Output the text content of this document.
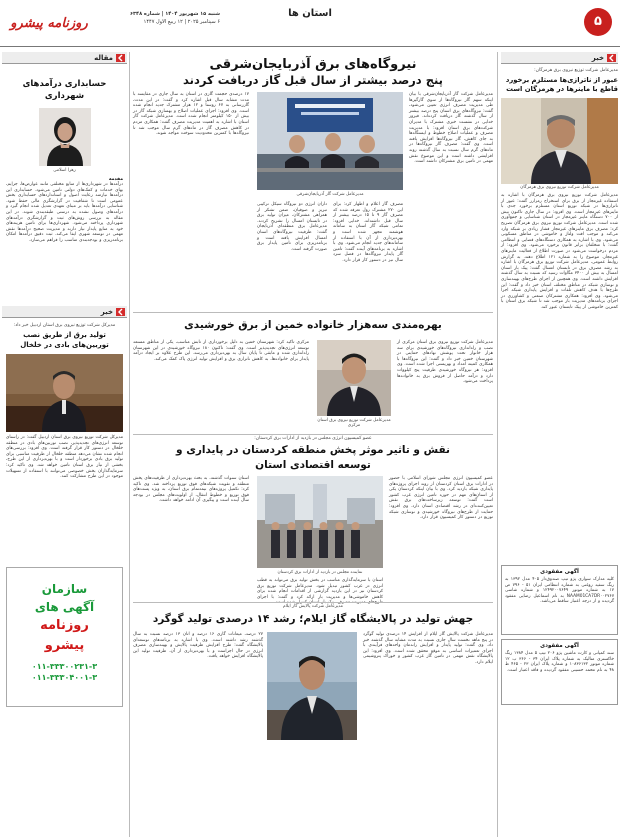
روزنامه پیشرو
شنبه ۱۵ شهریور ۱۴۰۴ | شماره ۶۳۴۸
۶ سپتامبر ۲۰۲۵ | ۱۲ ربیع الاول ۱۴۴۷
استان ها
۵
مقاله
حسابداری درآمدهای شهرداری
زهرا اسلامی
مقدمه
درآمدها در شهرداری‌ها از منابع مختلفی مانند عوارض‌ها، جرایم، بهای خدمات و کمک‌های دولتی تامین می‌شود. حسابداری این درآمدها نیازمند رعایت اصول و استانداردهای حسابداری بخش عمومی است تا شفافیت در گزارشگری مالی حفظ شود. شناسایی درآمدها باید بر مبنای تعهدی تعدیل شده انجام گیرد و درآمدهای وصول نشده به درستی طبقه‌بندی شوند. در این مقاله به بررسی روش‌های ثبت و گزارشگری درآمدهای شهرداری پرداخته می‌شود. شهرداری‌ها برای تامین هزینه‌های خود به منابع پایدار نیاز دارند و مدیریت صحیح درآمدها نقش مهمی در توسعه شهری ایفا می‌کند. ثبت دقیق درآمدها امکان برنامه‌ریزی و بودجه‌بندی مناسب را فراهم می‌سازد.
خبر
مدیرکل شرکت توزیع نیروی برق استان اردبیل خبر داد:
تولید برق از طریق نصب توربین‌های بادی در خلخال
مدیرکل شرکت توزیع نیروی برق استان اردبیل گفت: در راستای توسعه انرژی‌های تجدیدپذیر، نصب توربین‌های بادی در منطقه خلخال در دستور کار قرار گرفته است. وی افزود: بررسی‌های انجام شده نشان می‌دهد منطقه خلخال از ظرفیت مناسبی برای تولید برق بادی برخوردار است و با بهره‌برداری از این طرح، بخشی از نیاز برق استان تامین خواهد شد. وی تاکید کرد: سرمایه‌گذاران بخش خصوصی می‌توانند با استفاده از تسهیلات موجود در این طرح مشارکت کنند.
سازمان
آگهی های
روزنامه
پیشرو
۰۱۱-۳۳۳۰۰۲۳۱-۳
۰۱۱-۳۳۳۰۴۰۰۱-۳
نیروگاه‌های برق آذربایجان‌شرقی
پنج درصد بیشتر از سال قبل گاز دریافت کردند
مدیرعامل شرکت گاز آذربایجان‌شرقی با بیان اینکه سهم گاز نیروگاه‌ها از سوی گازگیرها طی مدیریت مصرف انرژی تعیین می‌شود، گفت: نیروگاه‌های برق استان پنج درصد بیشتر از سال گذشته گاز دریافت کرده‌اند. فیروز خدایی در نشست خبری مشترک با مدیران شرکت‌های برق استان افزود: با مدیریت مصرف و عملیات اصلاح خطوط و ایستگاه‌ها به جای کاهش، گاز نیروگاه‌ها افزایش یافته است. وی گفت: مصرف گاز نیروگاه‌ها در ماه‌های گرم سال نسبت به سال گذشته روند افزایشی داشته است و این موضوع نقش مهمی در تامین برق مشترکان داشته است.
مدیرعامل شرکت گاز آذربایجان‌شرقی
مصرف گاز اعلام و اظهار کرد: برای این ۲۷۰ مشترک رول تعرفه شده که مصرف گاز ۹ تا ۱۵ درصد بیشتر از سال قبل داشته‌اند. خدایی افزود: تمامی شبکه گاز استان به سامانه هوشمند مجهز شده است و بهره‌برداری از آن با استفاده از سامانه‌های جدید انجام می‌شود. وی با اشاره به برنامه‌های آینده گفت: تامین گاز پایدار نیروگاه‌ها در فصل سرد سال نیز در دستور کار قرار دارد.
داران انرژی دو نیروگاه سیکل ترکیبی تبریز و صوفیان، ضمن تشکر از همراهی مشترکان، میزان تولید برق در تابستان امسال را تشریح کردند. مدیرعامل برق منطقه‌ای آذربایجان گفت: ظرفیت نیروگاه‌های استان امسال افزایش یافته است و برنامه‌ریزی برای تامین پایدار برق صورت گرفته است.
۱۷ درصدی حجمت گازی در استان به سال جاری در مقایسه با مدت مشابه سال قبل اشاره کرد و گفت: در این مدت، گازرسانی به ۶۷ روستا و ۱۲ هزار مشترک جدید انجام شده است. وی افزود: اجرای عملیات اصلاح و بهسازی شبکه گاز در بیش از ۱۵۰ کیلومتر انجام شده است. مدیرعامل شرکت گاز استان با اشاره به اهمیت مدیریت مصرف گفت: همکاری مردم در کاهش مصرف گاز در ماه‌های گرم سال موجب شد تا نیروگاه‌ها با کمترین محدودیت سوخت مواجه شوند.
بهره‌مندی سه‌هزار خانواده خمین از برق خورشیدی
مدیرعامل شرکت توزیع نیروی برق استان مرکزی از نصب و راه‌اندازی نیروگاه‌های خورشیدی برای سه هزار خانوار تحت پوشش نهادهای حمایتی در شهرستان خمین خبر داد و گفت: این نیروگاه‌ها با همکاری کمیته امداد و بهزیستی اجرا شده است. وی افزود: هر نیروگاه خورشیدی ظرفیت پنج کیلووات دارد و درآمد حاصل از فروش برق به خانواده‌ها پرداخت می‌شود.
مدیرعامل شرکت توزیع نیروی برق استان مرکزی
مرکزی تاکید کرد: شهرستان خمین به دلیل برخورداری از تابش مناسب، یکی از مناطق مستعد توسعه انرژی‌های تجدیدپذیر است. وی گفت: تاکنون ۱۸۰ نیروگاه خورشیدی در این شهرستان راه‌اندازی شده و مابقی تا پایان سال به بهره‌برداری می‌رسد. این طرح علاوه بر ایجاد درآمد پایدار برای خانواده‌ها، به کاهش ناترازی برق و افزایش تولید انرژی پاک کمک می‌کند.
عضو کمیسیون انرژی مجلس در بازدید از ادارات برق کردستان:
نقش و تاثیر موثر پخش منطقه کردستان در پایداری و
توسعه اقتصادی استان
عضو کمیسیون انرژی مجلس شورای اسلامی با حضور در ادارات برق استان کردستان از روند اجرای پروژه‌های پایداری شبکه بازدید کرد. وی با بیان اینکه کردستان یکی از استان‌های مهم در حوزه تامین انرژی غرب کشور است گفت: توسعه زیرساخت‌های برق نقش تعیین‌کننده‌ای در رشد اقتصادی استان دارد. وی افزود: حمایت از طرح‌های نیروگاه خورشیدی و نوسازی شبکه توزیع در دستور کار کمیسیون قرار دارد.
نماینده مجلس در بازدید از ادارات برق کردستان
استان با سرمایه‌گذاری مناسب در بخش تولید برق می‌تواند به قطب انرژی در غرب کشور تبدیل شود. مدیرعامل شرکت توزیع برق کردستان نیز در این بازدید گزارشی از اقدامات انجام شده برای کاهش خاموشی‌ها و مدیریت بار ارائه کرد و گفت: با اجرای
استان سنوات گذشته، به بحث بهره‌برداری از ظرفیت‌های پخش منطقه و تقویت شبکه‌های فوق توزیع پرداخته شد. وی تاکید کرد: تکمیل پروژه‌های نیمه‌تمام برق استان، به ویژه پست‌های فوق توزیع و خطوط انتقال، از اولویت‌های مجلس در بودجه سال آینده است و پیگیری آن ادامه خواهد داشت.
مدیرعامل شرکت پالایش گاز ایلام
جهش تولید در پالایشگاه گاز ایلام؛ رشد ۱۴ درصدی تولید گوگرد
مدیرعامل شرکت پالایش گاز ایلام از افزایش ۱۴ درصدی تولید گوگرد در پنج ماهه نخست سال جاری نسبت به مدت مشابه سال گذشته خبر داد. وی گفت: تولید پایدار و افزایش راندمان واحدهای فرآیندی با اجرای تعمیرات اساسی به موقع محقق شده است. وی افزود: این پالایشگاه نقش مهمی در تامین گاز غرب کشور و خوراک پتروشیمی ایلام دارد.
۲۷ درصد، میعانات گازی ۱۶ درصد و اتان ۱۳ درصد نسبت به سال گذشته رشد داشته است. وی با اشاره به برنامه‌های توسعه‌ای پالایشگاه گفت: طرح افزایش ظرفیت پالایش و بهینه‌سازی مصرف انرژی در حال اجراست و با بهره‌برداری از آن، ظرفیت تولید این پالایشگاه افزایش خواهد یافت.
خبر
مدیرعامل شرکت توزیع نیروی برق هرمزگان:
عبور از ناترازی‌ها مستلزم برخورد قاطع با ماینرها در هرمزگان است
مدیرعامل شرکت توزیع نیروی برق هرمزگان
مدیرعامل شرکت توزیع نیروی برق هرمزگان با اشاره به استفاده غیرمجاز از برق برای استخراج رمزارز گفت: عبور از ناترازی‌ها در شبکه توزیع استان مستلزم برخورد جدی با ماینرهای غیرمجاز است. وی افزود: در سال جاری تاکنون بیش از ۷۰۰ دستگاه ماینر غیرمجاز در استان شناسایی و جمع‌آوری شده است. مدیرعامل شرکت توزیع نیروی برق هرمزگان تصریح کرد: مصرف برق ماینرهای غیرمجاز فشار زیادی بر شبکه وارد می‌کند و موجب افت ولتاژ و خاموشی در مناطق مسکونی می‌شود. وی با اشاره به همکاری دستگاه‌های قضایی و انتظامی گفت: با متخلفان برابر قانون برخورد می‌شود. وی افزود: از مردم درخواست می‌شود در صورت اطلاع از فعالیت ماینرهای غیرمجاز، موضوع را به شماره ۱۲۱ اطلاع دهند. به گزارش روابط عمومی، مدیرعامل شرکت توزیع برق هرمزگان با اشاره به رشد مصرف برق در تابستان امسال گفت: پیک بار استان امسال به بیش از ۳۴۰۰ مگاوات رسید که نسبت به سال گذشته افزایش داشته است. وی همچنین از اجرای طرح‌های بهینه‌سازی و نوسازی شبکه در مناطق مختلف استان خبر داد و گفت: این طرح‌ها با هدف کاهش تلفات و افزایش پایداری شبکه اجرا می‌شود. وی افزود: همکاری مشترکان صنعتی و کشاورزی در اجرای برنامه‌های مدیریت بار موجب شد تا شبکه برق استان با کمترین خاموشی از پیک تابستان عبور کند.
آگهی مفقودی
کلیه مدارک سواری پژو تیپ صندوق‌دار ۴۰۵ مدل ۱۳۹۲ به رنگ سفید روغنی به شماره انتظامی ایران ۵۱ - ۷۹۶ ص ۱۷ به شماره موتور ۱۲۴۹۲۰۰۷۶۴۹ و شماره شاسی NAAM01CA7DR۰۰۲۷۶۷ به نام اسماعیل رضایی مفقود گردیده و از درجه اعتبار ساقط می‌باشد.
آگهی مفقودی
سند کمپانی و کارت ماشین پژو ۲۰۶ تیپ ۵ مدل ۱۳۸۴ رنگ خاکستری متالیک به شماره پلاک ایران ۳۴ - ۳۶۶ ب ۱۲ شماره موتور ۱۰۸۳۶۱۳۲ و شماره پلاک ایران ۲۳ - ۴۶۵ ط ۴۸ به نام محمد حسینی مفقود گردیده و فاقد اعتبار است.
